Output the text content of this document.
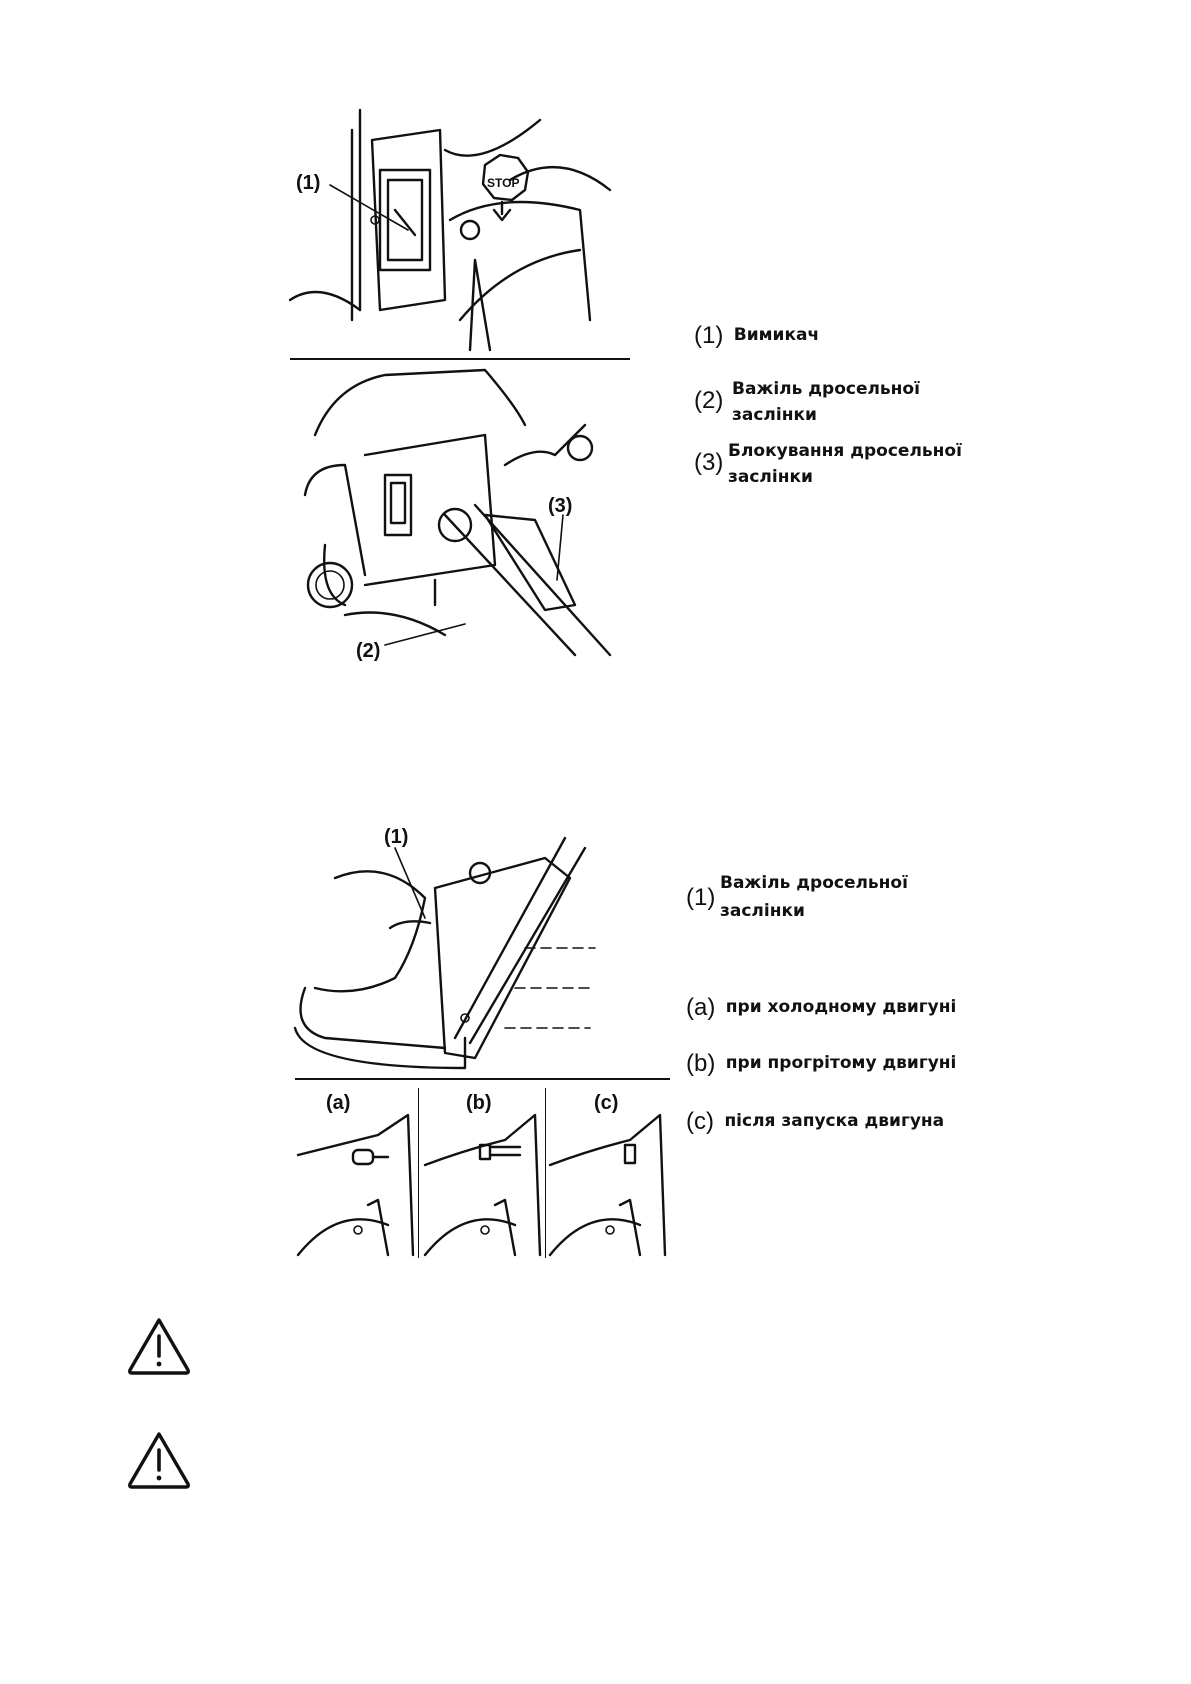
STOP
(1)
(3)
(2)
(1) Вимикач
(2) Важіль дросельної
заслінки
(3) Блокування дросельної
заслінки
(1)
(a)	(b)	(c)
(1)
Важіль дросельної
заслінки
(a) при холодному двигуні
(b) при прогрітому двигуні
(c) після запуска двигуна
